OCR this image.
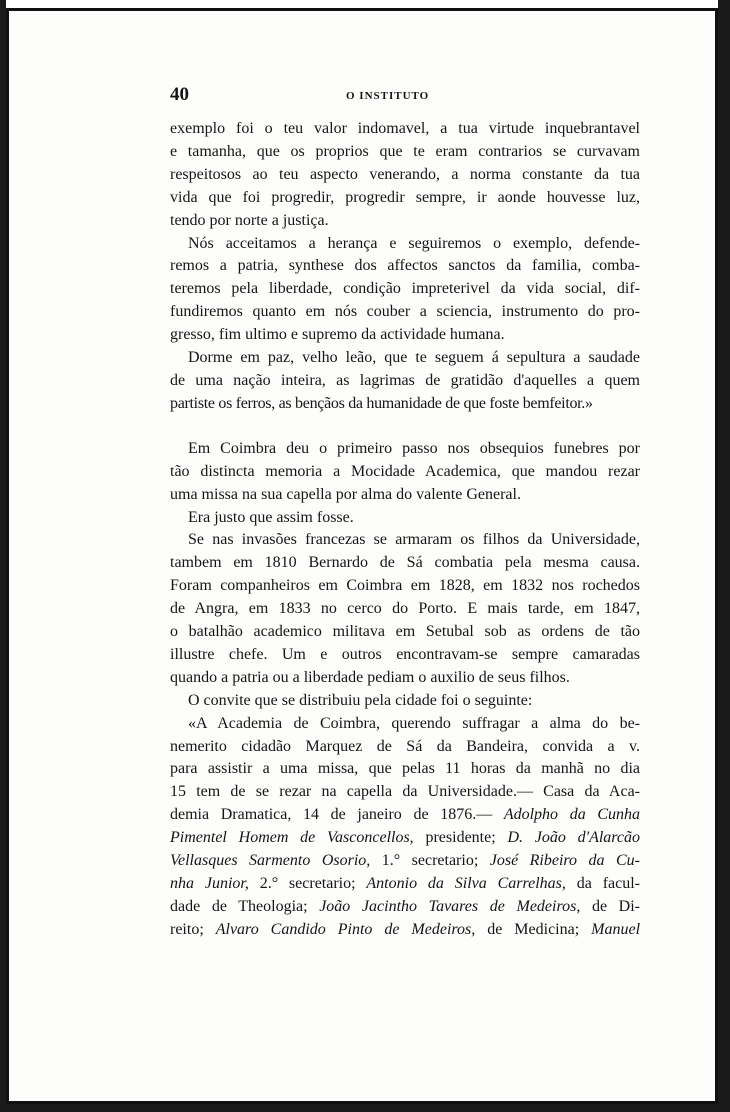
40	O INSTITUTO
exemplo foi o teu valor indomavel, a tua virtude inquebrantavel
e tamanha, que os proprios que te eram contrarios se curvavam
respeitosos ao teu aspecto venerando, a norma constante da tua
vida que foi progredir, progredir sempre, ir aonde houvesse luz,
tendo por norte a justiça.
Nós acceitamos a herança e seguiremos o exemplo, defende-
remos a patria, synthese dos affectos sanctos da familia, comba-
teremos pela liberdade, condição impreterivel da vida social, dif-
fundiremos quanto em nós couber a sciencia, instrumento do pro-
gresso, fim ultimo e supremo da actividade humana.
Dorme em paz, velho leão, que te seguem á sepultura a saudade
de uma nação inteira, as lagrimas de gratidão d'aquelles a quem
partiste os ferros, as bençãos da humanidade de que foste bemfeitor.»
Em Coimbra deu o primeiro passo nos obsequios funebres por
tão distincta memoria a Mocidade Academica, que mandou rezar
uma missa na sua capella por alma do valente General.
Era justo que assim fosse.
Se nas invasões francezas se armaram os filhos da Universidade,
tambem em 1810 Bernardo de Sá combatia pela mesma causa.
Foram companheiros em Coimbra em 1828, em 1832 nos rochedos
de Angra, em 1833 no cerco do Porto. E mais tarde, em 1847,
o batalhão academico militava em Setubal sob as ordens de tão
illustre chefe. Um e outros encontravam-se sempre camaradas
quando a patria ou a liberdade pediam o auxilio de seus filhos.
O convite que se distribuiu pela cidade foi o seguinte:
«A Academia de Coimbra, querendo suffragar a alma do be-
nemerito cidadão Marquez de Sá da Bandeira, convida a v.
para assistir a uma missa, que pelas 11 horas da manhã no dia
15 tem de se rezar na capella da Universidade.— Casa da Aca-
demia Dramatica, 14 de janeiro de 1876.— Adolpho da Cunha
Pimentel Homem de Vasconcellos, presidente; D. João d'Alarcão
Vellasques Sarmento Osorio, 1.° secretario; José Ribeiro da Cu-
nha Junior, 2.° secretario; Antonio da Silva Carrelhas, da facul-
dade de Theologia; João Jacintho Tavares de Medeiros, de Di-
reito; Alvaro Candido Pinto de Medeiros, de Medicina; Manuel
